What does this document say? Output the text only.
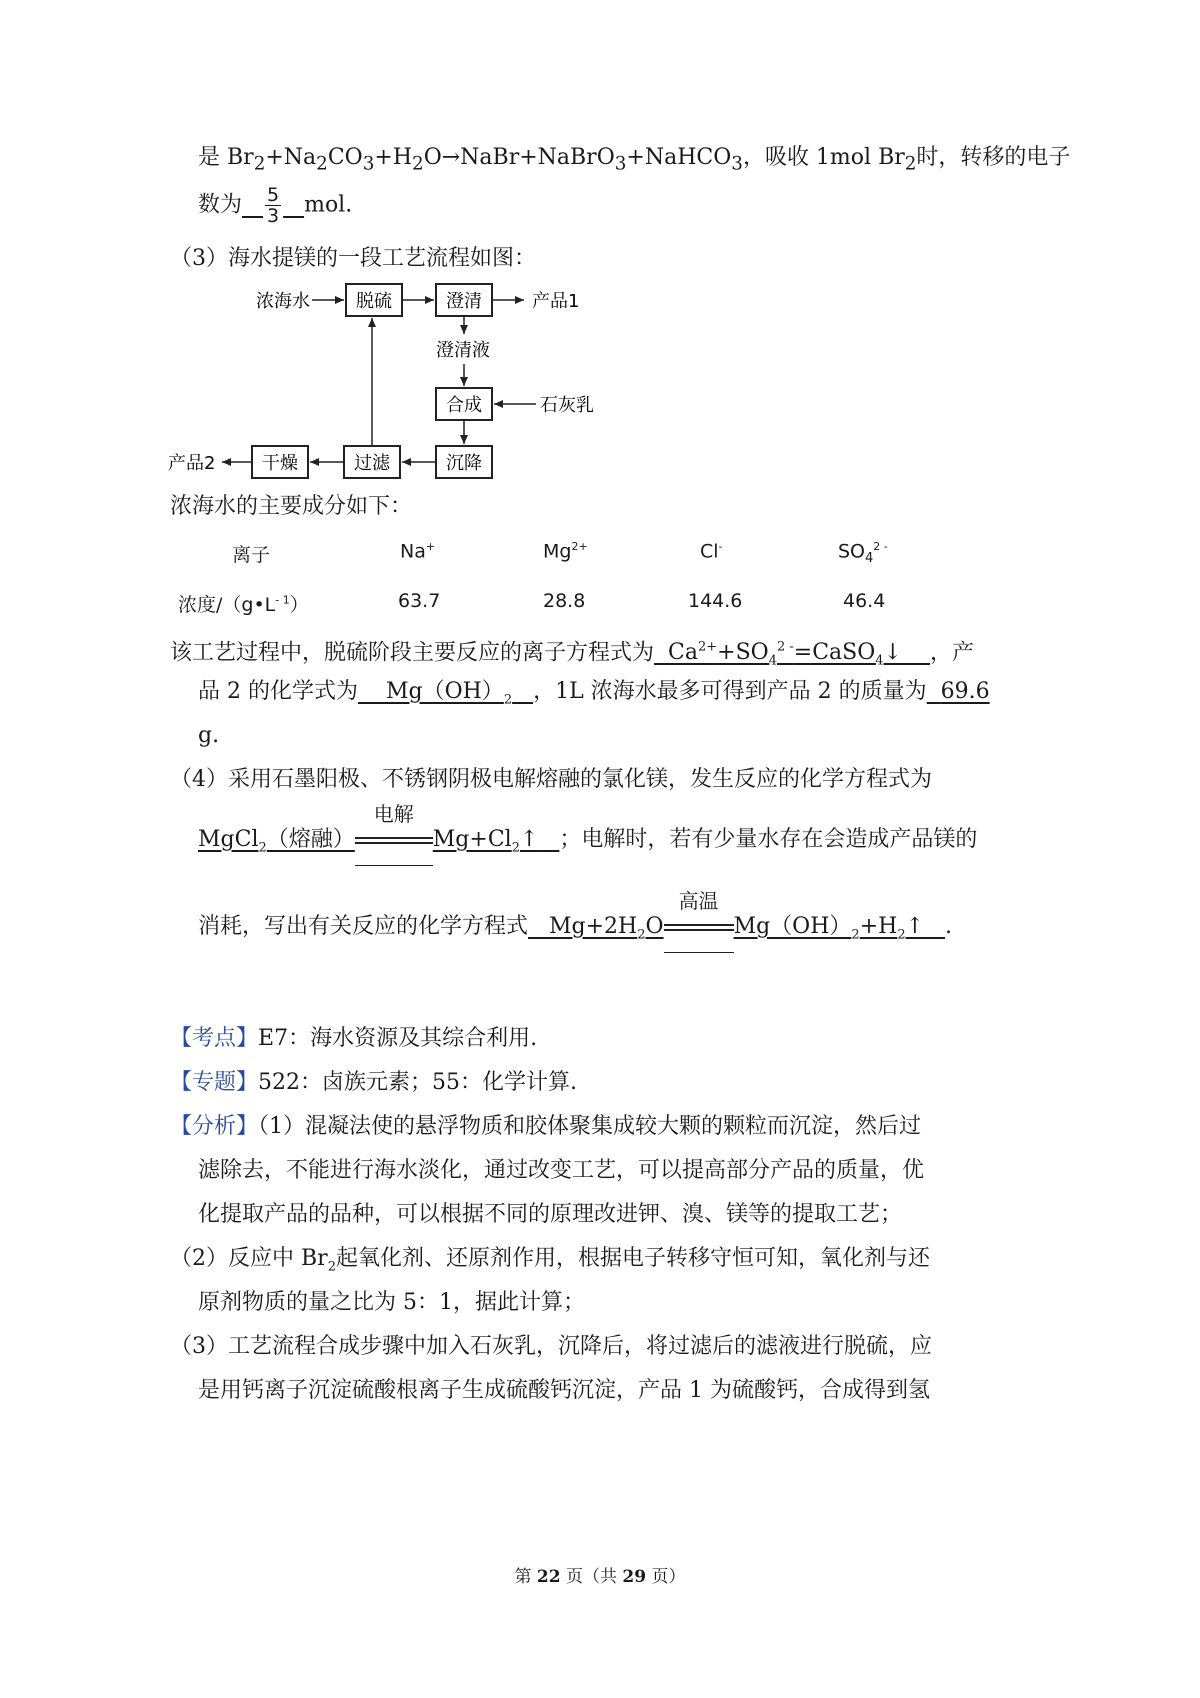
是 $Br_2+Na_2CO_3+H_2O\to NaBr+NaBrO_3+NaHCO_3$，吸收 1mol $Br_2$时，转移的电子
数为 $\frac{5}{3}$ mol.
（3）海水提镁的一段工艺流程如图：
浓海水	脱硫	澄清	产品1
澄清液
合成	石灰乳
沉降
过滤
干燥
产品2
浓海水的主要成分如下：
离子	Na+	$Mg^{2+}$	Cl-	$SO_4^{2 -}$
浓度$/(g•L^{- 1})$	63.7	28.8	144.6	46.4
该工艺过程中，脱硫阶段主要反应的离子方程式为 $Ca^{2+}+SO_4^{2 -}=CaSO_4↓$ ，产
品 2 的化学式为 $Mg(OH)_2$ ，1L 浓海水最多可得到产品 2 的质量为 69.6
g.
（4）采用石墨阳极、不锈钢阴极电解熔融的氯化镁，发生反应的化学方程式为
MgCl$_2$（熔融）
电解
$Mg+Cl_2↑$ ；电解时，若有少量水存在会造成产品镁的
消耗，写出有关反应的化学方程式 $Mg+2H_2O$
高温
$Mg(OH)_2+H_2↑$ .
【考点】E7：海水资源及其综合利用.
【专题】522：卤族元素；55：化学计算.
【分析】（1）混凝法使的悬浮物质和胶体聚集成较大颗的颗粒而沉淀，然后过
滤除去，不能进行海水淡化，通过改变工艺，可以提高部分产品的质量，优
化提取产品的品种，可以根据不同的原理改进钾、溴、镁等的提取工艺；
（2）反应中 $Br_2$起氧化剂、还原剂作用，根据电子转移守恒可知，氧化剂与还
原剂物质的量之比为 5：1，据此计算；
（3）工艺流程合成步骤中加入石灰乳，沉降后，将过滤后的滤液进行脱硫，应
是用钙离子沉淀硫酸根离子生成硫酸钙沉淀，产品 1 为硫酸钙，合成得到氢
第 22 页（共 29 页）
